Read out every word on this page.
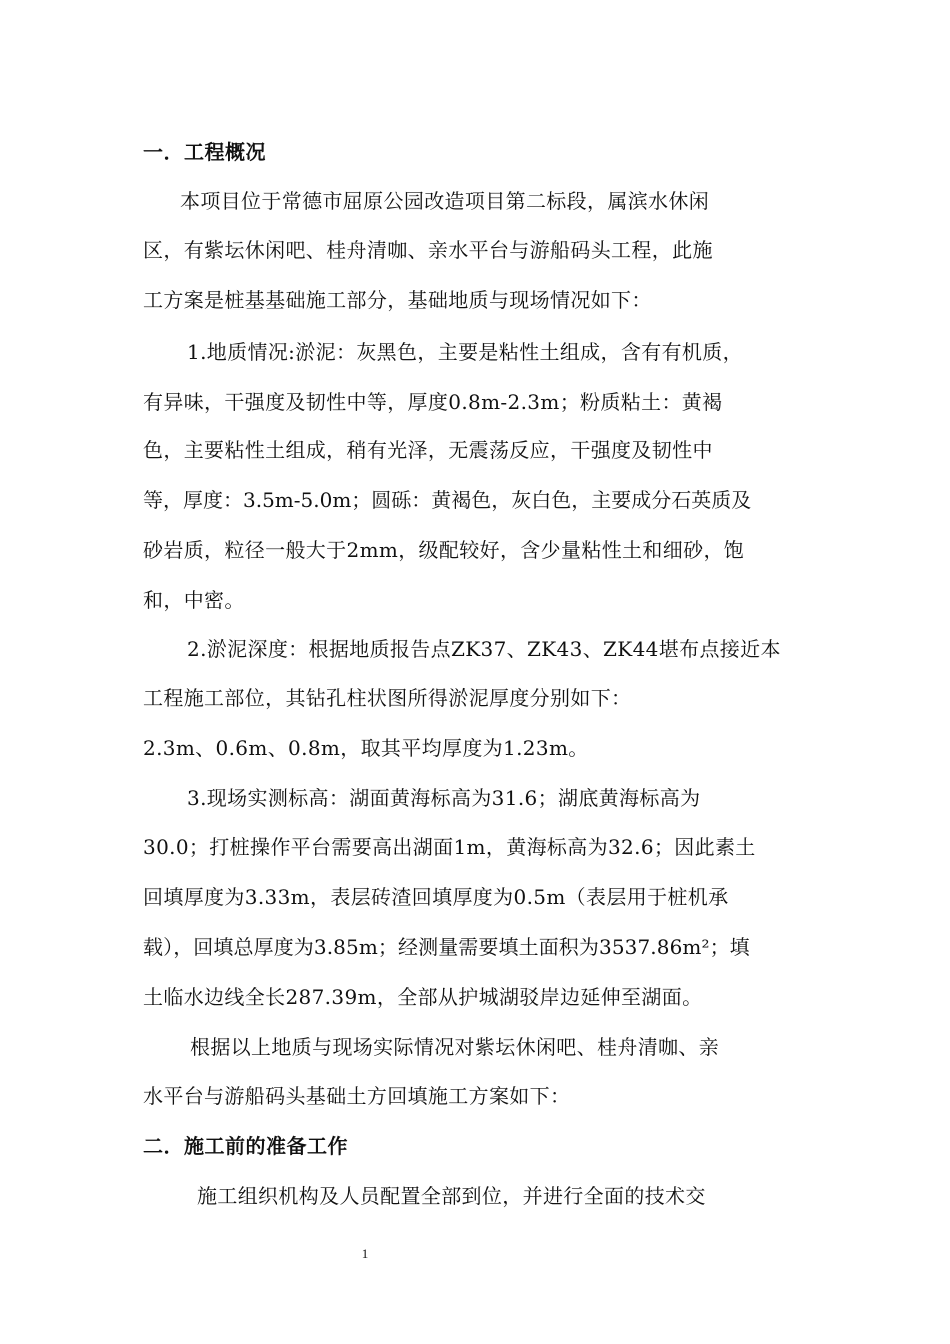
一．工程概况
本项目位于常德市屈原公园改造项目第二标段，属滨水休闲
区，有紫坛休闲吧、桂舟清咖、亲水平台与游船码头工程，此施
工方案是桩基基础施工部分，基础地质与现场情况如下：
1.地质情况:淤泥：灰黑色，主要是粘性土组成，含有有机质，
有异味，干强度及韧性中等，厚度0.8m-2.3m；粉质粘土：黄褐
色，主要粘性土组成，稍有光泽，无震荡反应，干强度及韧性中
等，厚度：3.5m-5.0m；圆砾：黄褐色，灰白色，主要成分石英质及
砂岩质，粒径一般大于2mm，级配较好，含少量粘性土和细砂，饱
和，中密。
2.淤泥深度：根据地质报告点ZK37、ZK43、ZK44堪布点接近本
工程施工部位，其钻孔柱状图所得淤泥厚度分别如下：
2.3m、0.6m、0.8m，取其平均厚度为1.23m。
3.现场实测标高：湖面黄海标高为31.6；湖底黄海标高为
30.0；打桩操作平台需要高出湖面1m，黄海标高为32.6；因此素土
回填厚度为3.33m，表层砖渣回填厚度为0.5m（表层用于桩机承
载），回填总厚度为3.85m；经测量需要填土面积为3537.86m²；填
土临水边线全长287.39m，全部从护城湖驳岸边延伸至湖面。
根据以上地质与现场实际情况对紫坛休闲吧、桂舟清咖、亲
水平台与游船码头基础土方回填施工方案如下：
二．施工前的准备工作
施工组织机构及人员配置全部到位，并进行全面的技术交
1
